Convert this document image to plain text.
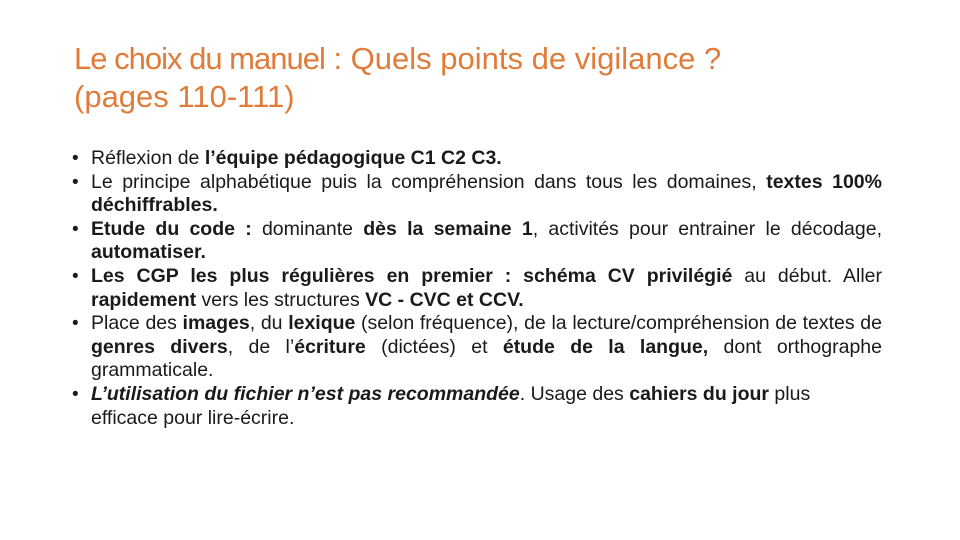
Le choix du manuel : Quels points de vigilance ?
(pages 110-111)
• Réflexion de l’équipe pédagogique C1 C2 C3.
• Le principe alphabétique puis la compréhension dans tous les domaines, textes 100% déchiffrables.
• Etude du code : dominante dès la semaine 1, activités pour entrainer le décodage, automatiser.
• Les CGP les plus régulières en premier : schéma CV privilégié au début. Aller rapidement vers les structures VC - CVC et CCV.
• Place des images, du lexique (selon fréquence), de la lecture/compréhension de textes de genres divers, de l’écriture (dictées) et étude de la langue, dont orthographe grammaticale.
• L’utilisation du fichier n’est pas recommandée. Usage des cahiers du jour plus efficace pour lire-écrire.
